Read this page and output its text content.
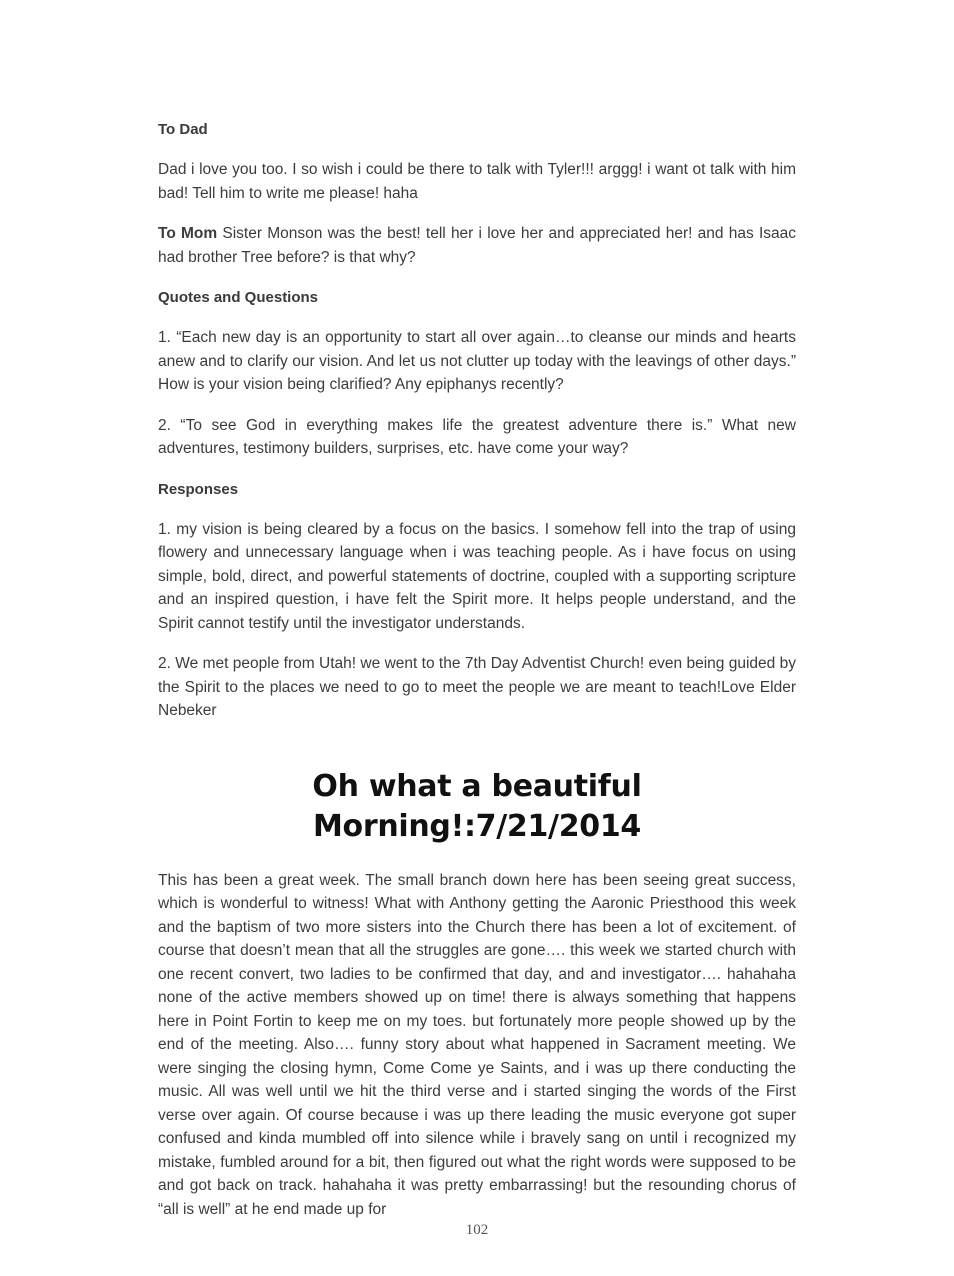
To Dad

Dad i love you too. I so wish i could be there to talk with Tyler!!! arggg! i want ot talk with him bad! Tell him to write me please! haha

To Mom Sister Monson was the best! tell her i love her and appreciated her! and has Isaac had brother Tree before? is that why?

Quotes and Questions

1. “Each new day is an opportunity to start all over again…to cleanse our minds and hearts anew and to clarify our vision. And let us not clutter up today with the leavings of other days.” How is your vision being clarified? Any epiphanys recently?

2. “To see God in everything makes life the greatest adventure there is.” What new adventures, testimony builders, surprises, etc. have come your way?

Responses

1. my vision is being cleared by a focus on the basics. I somehow fell into the trap of using flowery and unnecessary language when i was teaching people. As i have focus on using simple, bold, direct, and powerful statements of doctrine, coupled with a supporting scripture and an inspired question, i have felt the Spirit more. It helps people understand, and the Spirit cannot testify until the investigator understands.

2. We met people from Utah! we went to the 7th Day Adventist Church! even being guided by the Spirit to the places we need to go to meet the people we are meant to teach!Love Elder Nebeker

Oh what a beautiful Morning!:7/21/2014

This has been a great week. The small branch down here has been seeing great success, which is wonderful to witness! What with Anthony getting the Aaronic Priesthood this week and the baptism of two more sisters into the Church there has been a lot of excitement. of course that doesn’t mean that all the struggles are gone…. this week we started church with one recent convert, two ladies to be confirmed that day, and and investigator…. hahahaha none of the active members showed up on time! there is always something that happens here in Point Fortin to keep me on my toes. but fortunately more people showed up by the end of the meeting. Also…. funny story about what happened in Sacrament meeting. We were singing the closing hymn, Come Come ye Saints, and i was up there conducting the music. All was well until we hit the third verse and i started singing the words of the First verse over again. Of course because i was up there leading the music everyone got super confused and kinda mumbled off into silence while i bravely sang on until i recognized my mistake, fumbled around for a bit, then figured out what the right words were supposed to be and got back on track. hahahaha it was pretty embarrassing! but the resounding chorus of “all is well” at he end made up for

102
